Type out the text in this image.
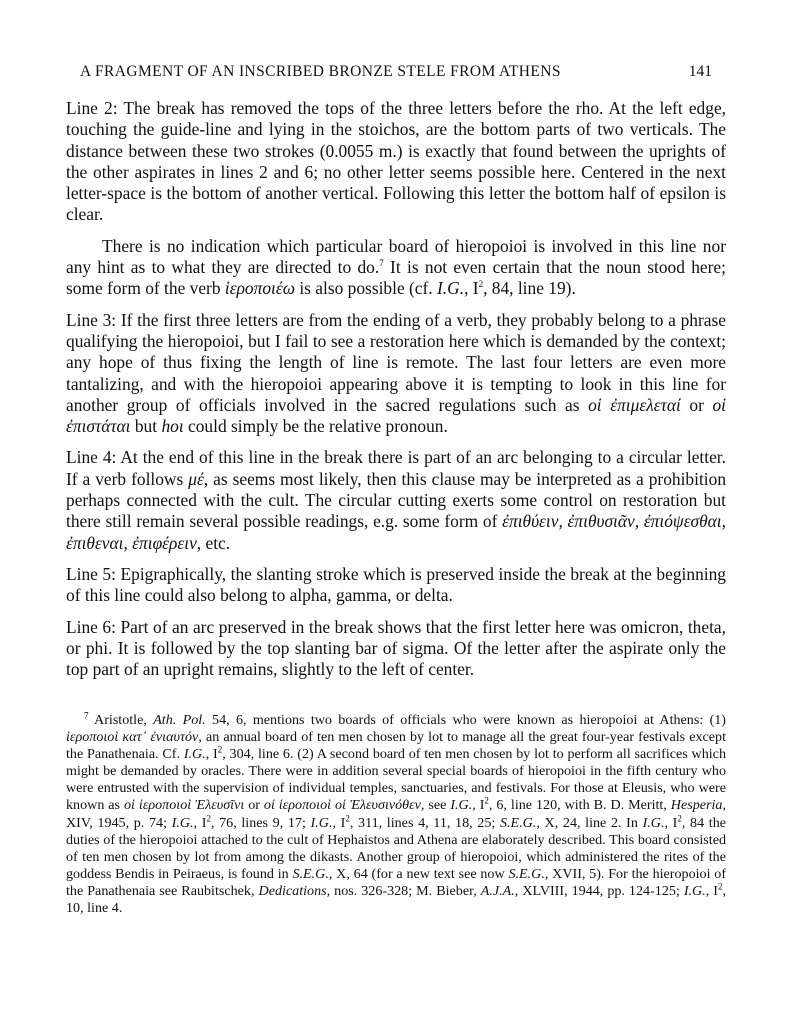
A FRAGMENT OF AN INSCRIBED BRONZE STELE FROM ATHENS	141

Line 2: The break has removed the tops of the three letters before the rho. At the left edge, touching the guide-line and lying in the stoichos, are the bottom parts of two verticals. The distance between these two strokes (0.0055 m.) is exactly that found between the uprights of the other aspirates in lines 2 and 6; no other letter seems possible here. Centered in the next letter-space is the bottom of another vertical. Following this letter the bottom half of epsilon is clear.

There is no indication which particular board of hieropoioi is involved in this line nor any hint as to what they are directed to do.$^7$ It is not even certain that the noun stood here; some form of the verb ἱεροποιέω is also possible (cf. I.G., $I^2$, 84, line 19).

Line 3: If the first three letters are from the ending of a verb, they probably belong to a phrase qualifying the hieropoioi, but I fail to see a restoration here which is demanded by the context; any hope of thus fixing the length of line is remote. The last four letters are even more tantalizing, and with the hieropoioi appearing above it is tempting to look in this line for another group of officials involved in the sacred regulations such as οἱ ἐπιμελεταί or οἱ ἐπιστάται but hoι could simply be the relative pronoun.

Line 4: At the end of this line in the break there is part of an arc belonging to a circular letter. If a verb follows μέ, as seems most likely, then this clause may be interpreted as a prohibition perhaps connected with the cult. The circular cutting exerts some control on restoration but there still remain several possible readings, e.g. some form of ἐπιθύειν, ἐπιθυσιᾶν, ἐπιόψεσθαι, ἐπιθεναι, ἐπιφέρειν, etc.

Line 5: Epigraphically, the slanting stroke which is preserved inside the break at the beginning of this line could also belong to alpha, gamma, or delta.

Line 6: Part of an arc preserved in the break shows that the first letter here was omicron, theta, or phi. It is followed by the top slanting bar of sigma. Of the letter after the aspirate only the top part of an upright remains, slightly to the left of center.

$^7$ Aristotle, Ath. Pol. 54, 6, mentions two boards of officials who were known as hieropoioi at Athens: (1) ἱεροποιοὶ κατ᾽ ἐνιαυτόν, an annual board of ten men chosen by lot to manage all the great four-year festivals except the Panathenaia. Cf. I.G., $I^2$, 304, line 6. (2) A second board of ten men chosen by lot to perform all sacrifices which might be demanded by oracles. There were in addition several special boards of hieropoioi in the fifth century who were entrusted with the supervision of individual temples, sanctuaries, and festivals. For those at Eleusis, who were known as οἱ ἱεροποιοὶ Ἐλευσῖνι or οἱ ἱεροποιοὶ οἱ Ἐλευσινόθεν, see I.G., $I^2$, 6, line 120, with B. D. Meritt, Hesperia, XIV, 1945, p. 74; I.G., $I^2$, 76, lines 9, 17; I.G., $I^2$, 311, lines 4, 11, 18, 25; S.E.G., X, 24, line 2. In I.G., $I^2$, 84 the duties of the hieropoioi attached to the cult of Hephaistos and Athena are elaborately described. This board consisted of ten men chosen by lot from among the dikasts. Another group of hieropoioi, which administered the rites of the goddess Bendis in Peiraeus, is found in S.E.G., X, 64 (for a new text see now S.E.G., XVII, 5). For the hieropoioi of the Panathenaia see Raubitschek, Dedications, nos. 326-328; M. Bieber, A.J.A., XLVIII, 1944, pp. 124-125; I.G., $I^2$, 10, line 4.
